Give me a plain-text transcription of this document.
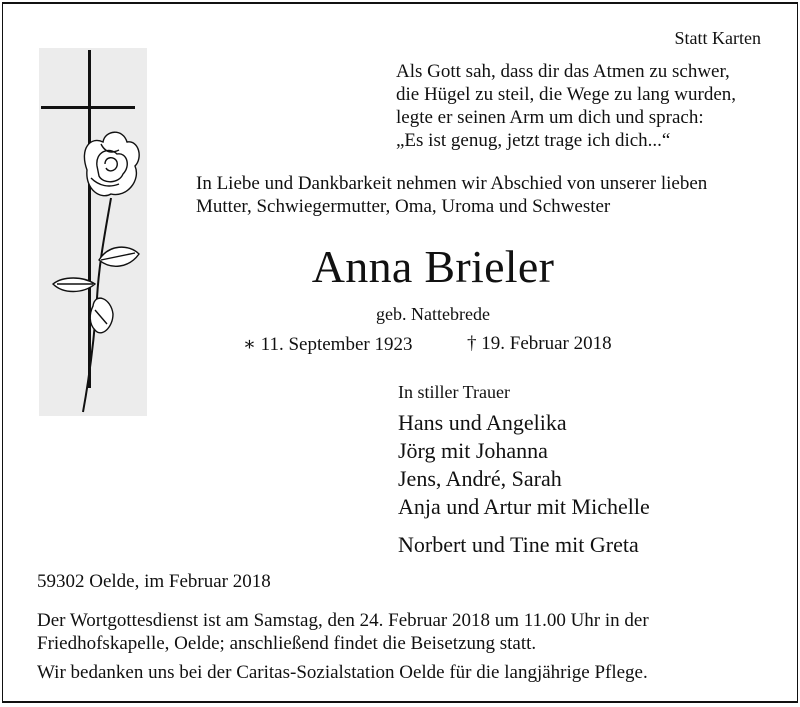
Statt Karten
Als Gott sah, dass dir das Atmen zu schwer,
die Hügel zu steil, die Wege zu lang wurden,
legte er seinen Arm um dich und sprach:
„Es ist genug, jetzt trage ich dich...“
In Liebe und Dankbarkeit nehmen wir Abschied von unserer lieben
Mutter, Schwiegermutter, Oma, Uroma und Schwester
Anna Brieler
geb. Nattebrede
∗ 11. September 1923	† 19. Februar 2018
In stiller Trauer
Hans und Angelika
Jörg mit Johanna
Jens, André, Sarah
Anja und Artur mit Michelle
Norbert und Tine mit Greta
59302 Oelde, im Februar 2018
Der Wortgottesdienst ist am Samstag, den 24. Februar 2018 um 11.00 Uhr in der
Friedhofskapelle, Oelde; anschließend findet die Beisetzung statt.
Wir bedanken uns bei der Caritas-Sozialstation Oelde für die langjährige Pflege.
